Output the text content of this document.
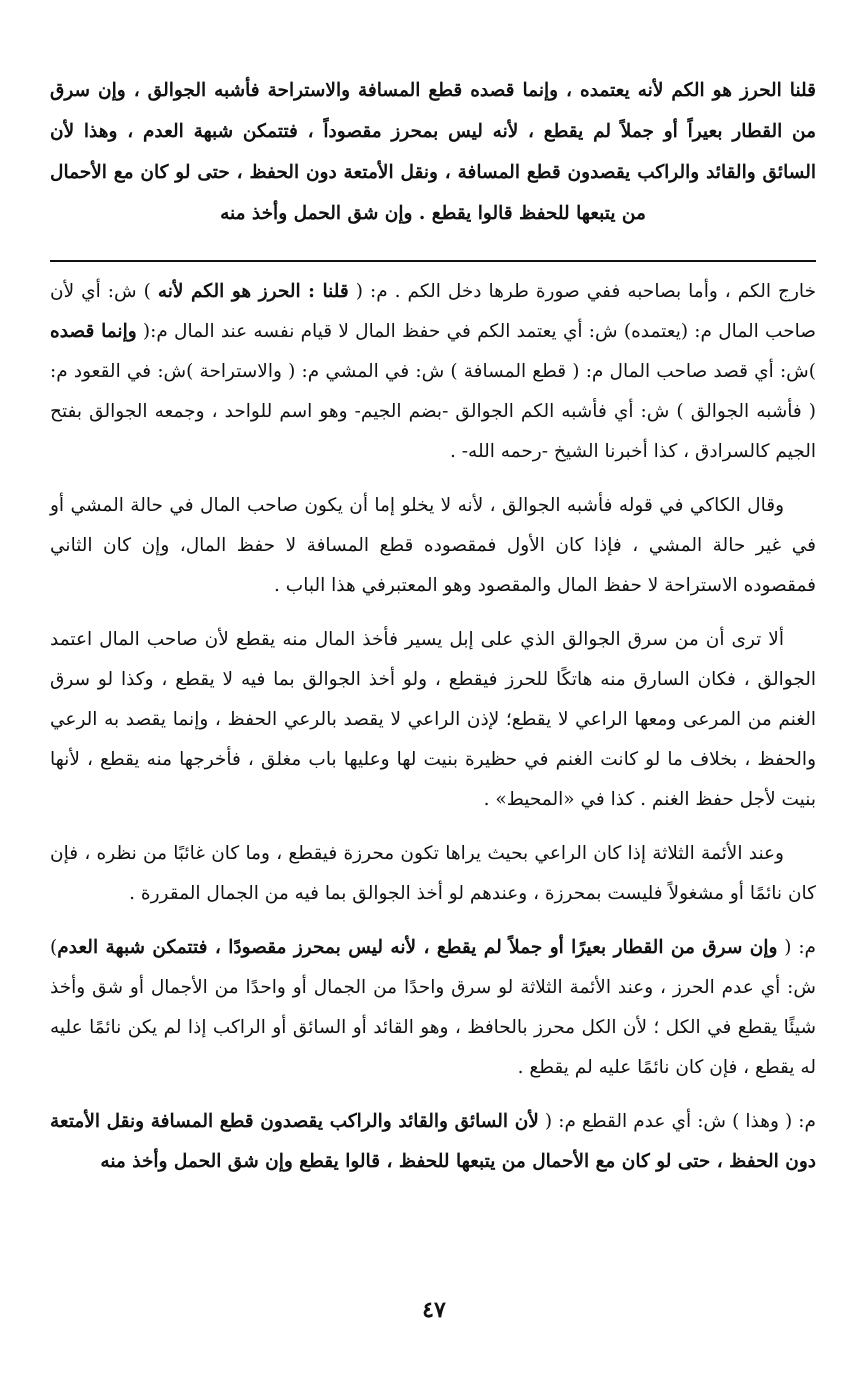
قلنا الحرز هو الكم لأنه يعتمده ، وإنما قصده قطع المسافة والاستراحة فأشبه الجوالق ، وإن سرق من القطار بعيراً أو جملاً لم يقطع ، لأنه ليس بمحرز مقصوداً ، فتتمكن شبهة العدم ، وهذا لأن السائق والقائد والراكب يقصدون قطع المسافة ، ونقل الأمتعة دون الحفظ ، حتى لو كان مع الأحمال من يتبعها للحفظ قالوا يقطع . وإن شق الحمل وأخذ منه

خارج الكم ، وأما بصاحبه ففي صورة طرها دخل الكم . م: ( قلنا : الحرز هو الكم لأنه ) ش: أي لأن صاحب المال م: (يعتمده) ش: أي يعتمد الكم في حفظ المال لا قيام نفسه عند المال م:( وإنما قصده )ش: أي قصد صاحب المال م: ( قطع المسافة ) ش: في المشي م: ( والاستراحة )ش: في القعود م: ( فأشبه الجوالق ) ش: أي فأشبه الكم الجوالق -بضم الجيم- وهو اسم للواحد ، وجمعه الجوالق بفتح الجيم كالسرادق ، كذا أخبرنا الشيخ -رحمه الله- .

وقال الكاكي في قوله فأشبه الجوالق ، لأنه لا يخلو إما أن يكون صاحب المال في حالة المشي أو في غير حالة المشي ، فإذا كان الأول فمقصوده قطع المسافة لا حفظ المال، وإن كان الثاني فمقصوده الاستراحة لا حفظ المال والمقصود وهو المعتبرفي هذا الباب .

ألا ترى أن من سرق الجوالق الذي على إبل يسير فأخذ المال منه يقطع لأن صاحب المال اعتمد الجوالق ، فكان السارق منه هاتكًا للحرز فيقطع ، ولو أخذ الجوالق بما فيه لا يقطع ، وكذا لو سرق الغنم من المرعى ومعها الراعي لا يقطع؛ لإذن الراعي لا يقصد بالرعي الحفظ ، وإنما يقصد به الرعي والحفظ ، بخلاف ما لو كانت الغنم في حظيرة بنيت لها وعليها باب مغلق ، فأخرجها منه يقطع ، لأنها بنيت لأجل حفظ الغنم . كذا في «المحيط» .

وعند الأئمة الثلاثة إذا كان الراعي بحيث يراها تكون محرزة فيقطع ، وما كان غائبًا من نظره ، فإن كان نائمًا أو مشغولاً فليست بمحرزة ، وعندهم لو أخذ الجوالق بما فيه من الجمال المقررة .

م: ( وإن سرق من القطار بعيرًا أو جملاً لم يقطع ، لأنه ليس بمحرز مقصودًا ، فتتمكن شبهة العدم) ش: أي عدم الحرز ، وعند الأئمة الثلاثة لو سرق واحدًا من الجمال أو واحدًا من الأجمال أو شق وأخذ شيئًا يقطع في الكل ؛ لأن الكل محرز بالحافظ ، وهو القائد أو السائق أو الراكب إذا لم يكن نائمًا عليه له يقطع ، فإن كان نائمًا عليه لم يقطع .

م: ( وهذا ) ش: أي عدم القطع م: ( لأن السائق والقائد والراكب يقصدون قطع المسافة ونقل الأمتعة دون الحفظ ، حتى لو كان مع الأحمال من يتبعها للحفظ ، قالوا يقطع وإن شق الحمل وأخذ منه

٤٧
